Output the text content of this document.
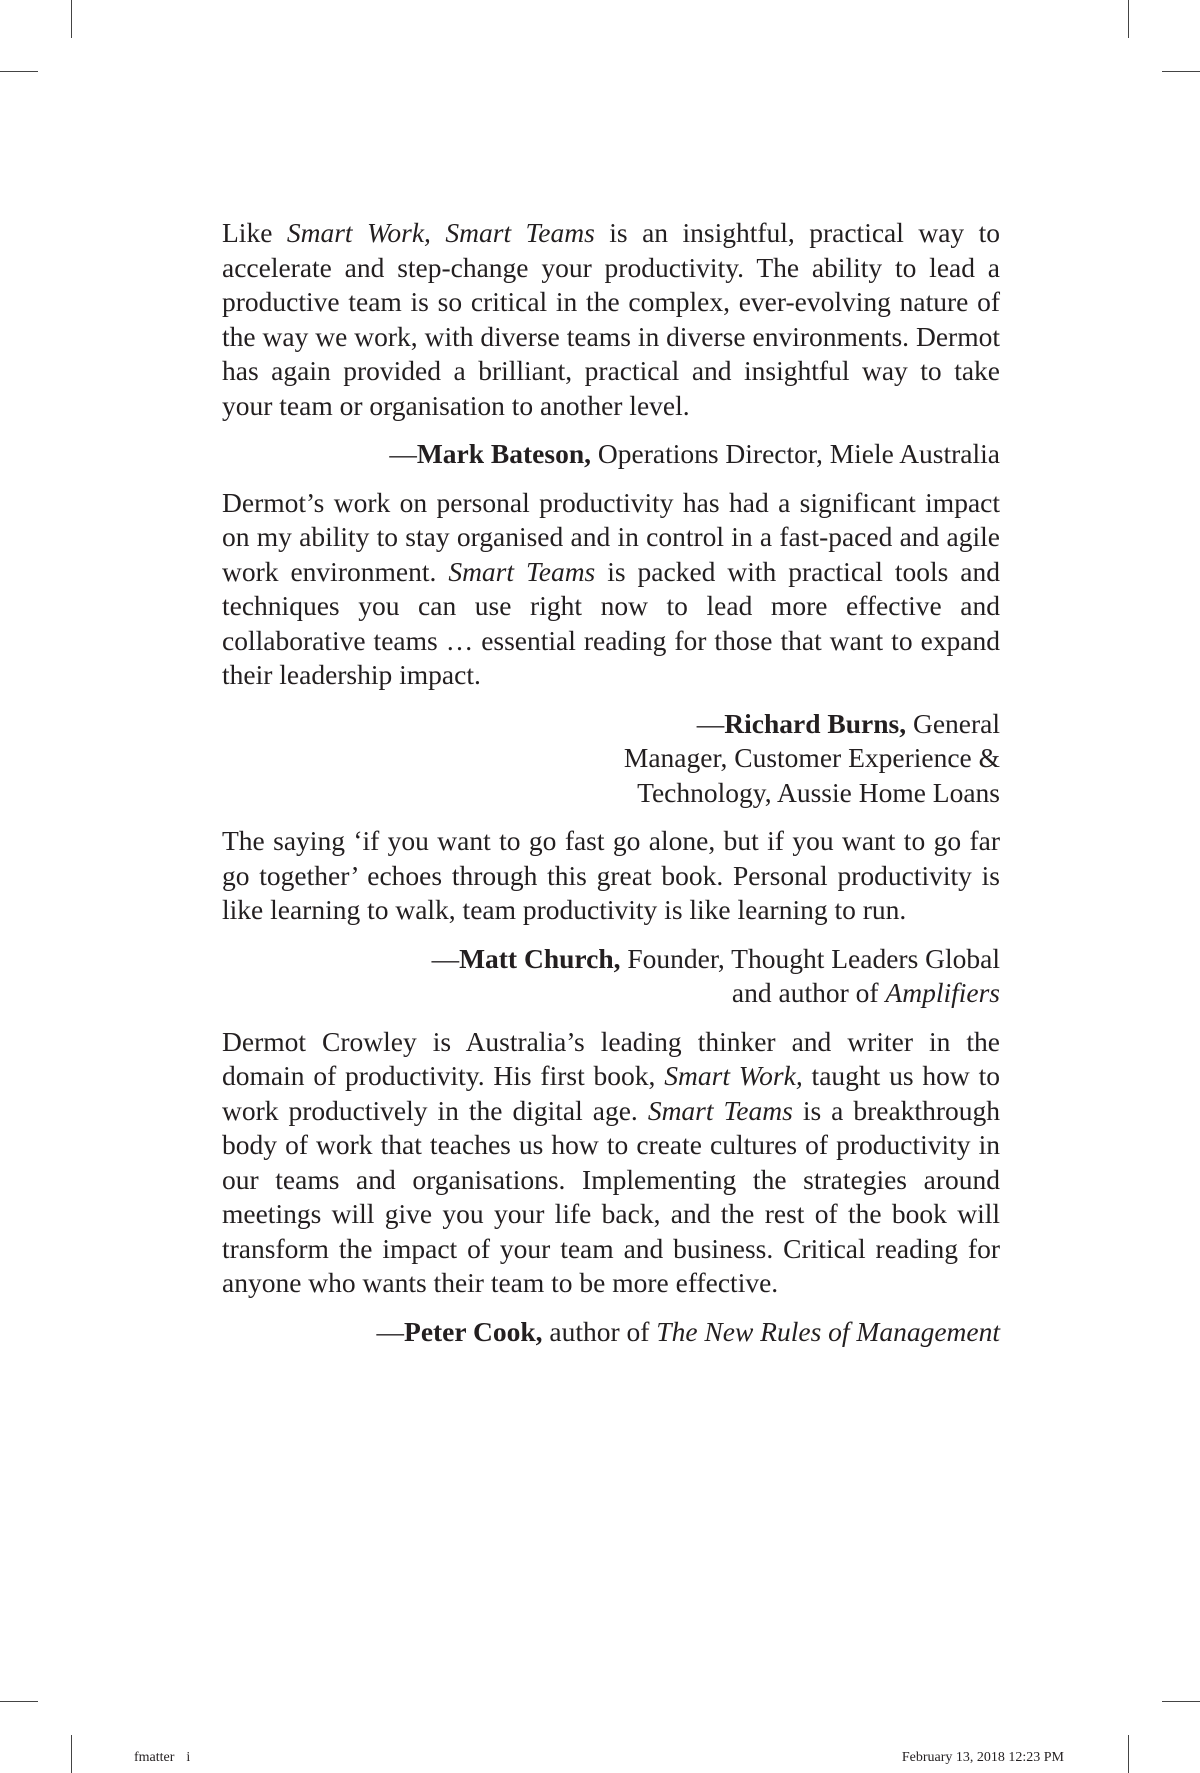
Like Smart Work, Smart Teams is an insightful, practical way to accelerate and step-change your productivity. The ability to lead a productive team is so critical in the complex, ever-evolving nature of the way we work, with diverse teams in diverse environments. Dermot has again provided a brilliant, practical and insightful way to take your team or organisation to another level.

—Mark Bateson, Operations Director, Miele Australia

Dermot’s work on personal productivity has had a significant impact on my ability to stay organised and in control in a fast-paced and agile work environment. Smart Teams is packed with practical tools and techniques you can use right now to lead more effective and collaborative teams … essential reading for those that want to expand their leadership impact.

—Richard Burns, General Manager, Customer Experience & Technology, Aussie Home Loans

The saying ‘if you want to go fast go alone, but if you want to go far go together’ echoes through this great book. Personal productivity is like learning to walk, team productivity is like learning to run.

—Matt Church, Founder, Thought Leaders Global
and author of Amplifiers

Dermot Crowley is Australia’s leading thinker and writer in the domain of productivity. His first book, Smart Work, taught us how to work productively in the digital age. Smart Teams is a breakthrough body of work that teaches us how to create cultures of productivity in our teams and organisations. Implementing the strategies around meetings will give you your life back, and the rest of the book will transform the impact of your team and business. Critical reading for anyone who wants their team to be more effective.

—Peter Cook, author of The New Rules of Management

fmatter i	February 13, 2018 12:23 PM
